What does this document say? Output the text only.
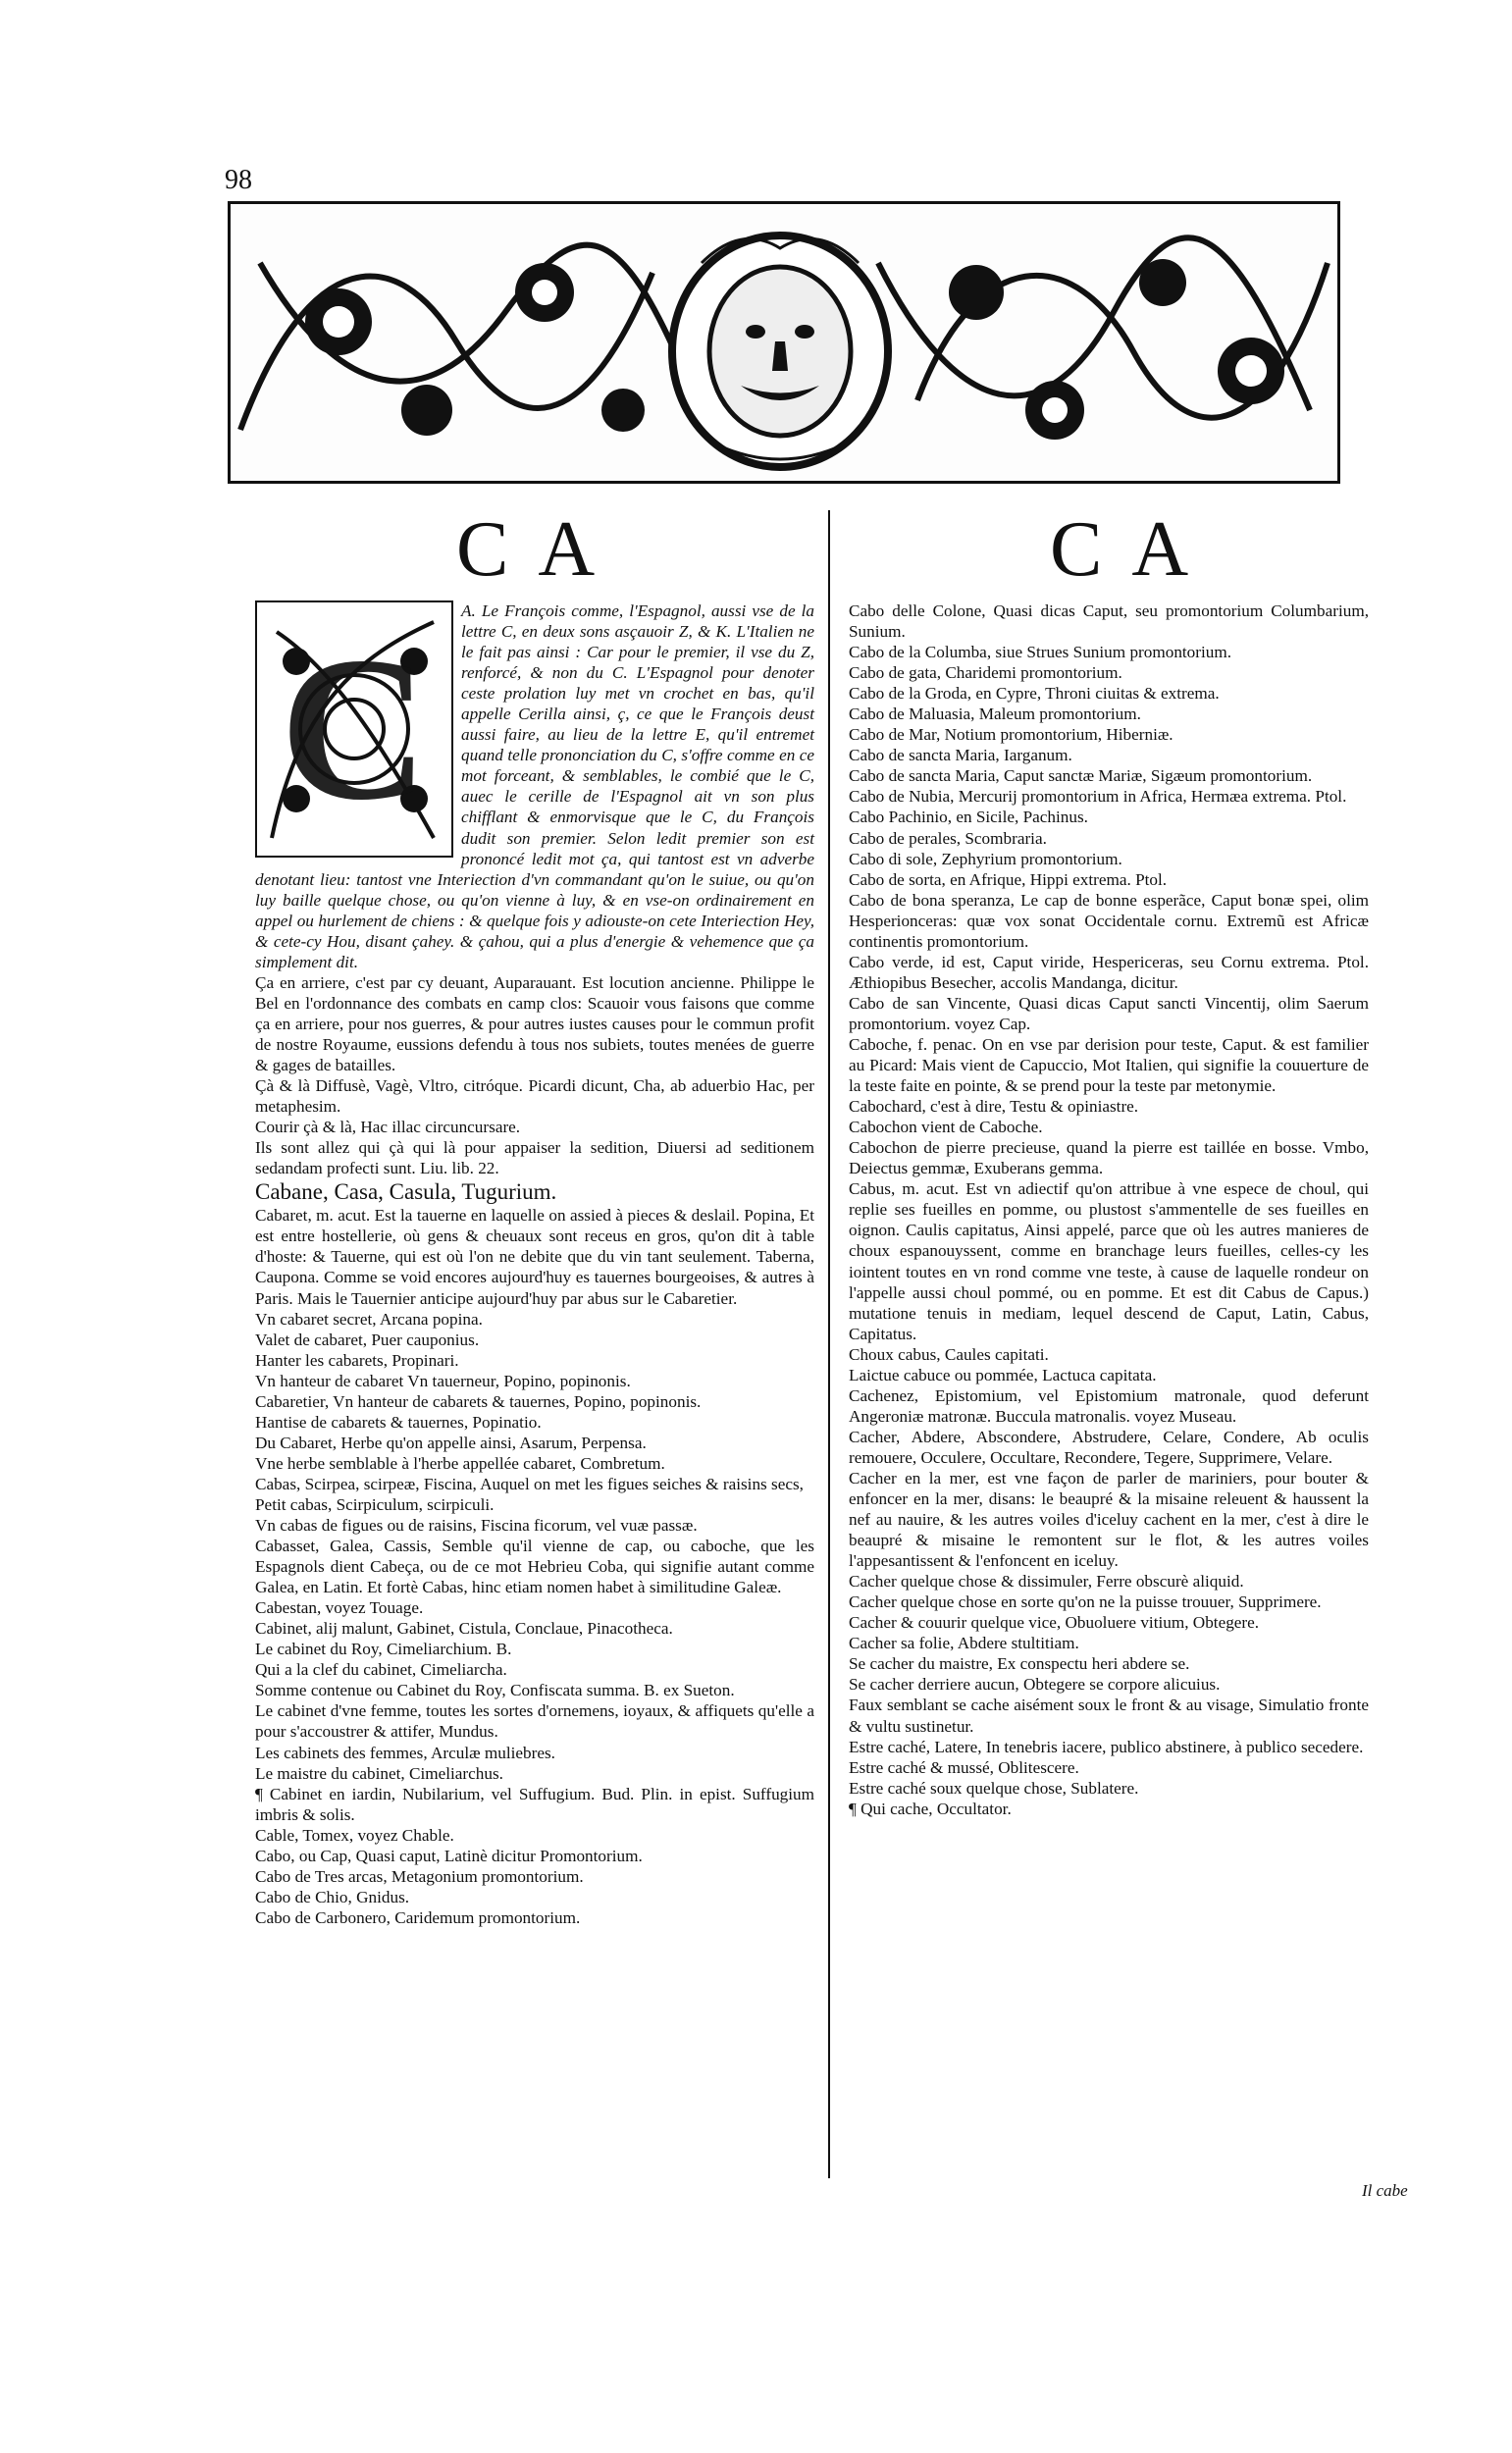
98
CA	CA
C

A. Le François comme, l'Espagnol, aussi vse de la lettre C, en deux sons asçauoir Z, & K. L'Italien ne le fait pas ainsi : Car pour le premier, il vse du Z, renforcé, & non du C. L'Espagnol pour denoter ceste prolation luy met vn crochet en bas, qu'il appelle Cerilla ainsi, ç, ce que le François deust aussi faire, au lieu de la lettre E, qu'il entremet quand telle prononciation du C, s'offre comme en ce mot forceant, & semblables, le combié que le C, auec le cerille de l'Espagnol ait vn son plus chifflant & enmorvisque que le C, du François dudit son premier. Selon ledit premier son est prononcé ledit mot ça, qui tantost est vn adverbe denotant lieu: tantost vne Interiection d'vn commandant qu'on le suiue, ou qu'on luy baille quelque chose, ou qu'on vienne à luy, & en vse-on ordinairement en appel ou hurlement de chiens : & quelque fois y adiouste-on cete Interiection Hey, & cete-cy Hou, disant çahey. & çahou, qui a plus d'energie & vehemence que ça simplement dit.

Ça en arriere, c'est par cy deuant, Auparauant. Est locution ancienne. Philippe le Bel en l'ordonnance des combats en camp clos: Scauoir vous faisons que comme ça en arriere, pour nos guerres, & pour autres iustes causes pour le commun profit de nostre Royaume, eussions defendu à tous nos subiets, toutes menées de guerre & gages de batailles.

Çà & là Diffusè, Vagè, Vltro, citróque. Picardi dicunt, Cha, ab aduerbio Hac, per metaphesim.

Courir çà & là, Hac illac circuncursare.

Ils sont allez qui çà qui là pour appaiser la sedition, Diuersi ad seditionem sedandam profecti sunt. Liu. lib. 22.

Cabane, Casa, Casula, Tugurium.

Cabaret, m. acut. Est la tauerne en laquelle on assied à pieces & deslail. Popina, Et est entre hostellerie, où gens & cheuaux sont receus en gros, qu'on dit à table d'hoste: & Tauerne, qui est où l'on ne debite que du vin tant seulement. Taberna, Caupona. Comme se void encores aujourd'huy es tauernes bourgeoises, & autres à Paris. Mais le Tauernier anticipe aujourd'huy par abus sur le Cabaretier.

Vn cabaret secret, Arcana popina.

Valet de cabaret, Puer cauponius.

Hanter les cabarets, Propinari.

Vn hanteur de cabaret Vn tauerneur, Popino, popinonis.

Cabaretier, Vn hanteur de cabarets & tauernes, Popino, popinonis.

Hantise de cabarets & tauernes, Popinatio.

Du Cabaret, Herbe qu'on appelle ainsi, Asarum, Perpensa.

Vne herbe semblable à l'herbe appellée cabaret, Combretum.

Cabas, Scirpea, scirpeæ, Fiscina, Auquel on met les figues seiches & raisins secs,

Petit cabas, Scirpiculum, scirpiculi.

Vn cabas de figues ou de raisins, Fiscina ficorum, vel vuæ passæ.

Cabasset, Galea, Cassis, Semble qu'il vienne de cap, ou caboche, que les Espagnols dient Cabeça, ou de ce mot Hebrieu Coba, qui signifie autant comme Galea, en Latin. Et fortè Cabas, hinc etiam nomen habet à similitudine Galeæ.

Cabestan, voyez Touage.

Cabinet, alij malunt, Gabinet, Cistula, Conclaue, Pinacotheca.

Le cabinet du Roy, Cimeliarchium. B.

Qui a la clef du cabinet, Cimeliarcha.

Somme contenue ou Cabinet du Roy, Confiscata summa. B. ex Sueton.

Le cabinet d'vne femme, toutes les sortes d'ornemens, ioyaux, & affiquets qu'elle a pour s'accoustrer & attifer, Mundus.

Les cabinets des femmes, Arculæ muliebres.

Le maistre du cabinet, Cimeliarchus.

¶ Cabinet en iardin, Nubilarium, vel Suffugium. Bud. Plin. in epist. Suffugium imbris & solis.

Cable, Tomex, voyez Chable.

Cabo, ou Cap, Quasi caput, Latinè dicitur Promontorium.

Cabo de Tres arcas, Metagonium promontorium.

Cabo de Chio, Gnidus.

Cabo de Carbonero, Caridemum promontorium.

Cabo delle Colone, Quasi dicas Caput, seu promontorium Columbarium, Sunium.

Cabo de la Columba, siue Strues Sunium promontorium.

Cabo de gata, Charidemi promontorium.

Cabo de la Groda, en Cypre, Throni ciuitas & extrema.

Cabo de Maluasia, Maleum promontorium.

Cabo de Mar, Notium promontorium, Hiberniæ.

Cabo de sancta Maria, Iarganum.

Cabo de sancta Maria, Caput sanctæ Mariæ, Sigæum promontorium.

Cabo de Nubia, Mercurij promontorium in Africa, Hermæa extrema. Ptol.

Cabo Pachinio, en Sicile, Pachinus.

Cabo de perales, Scombraria.

Cabo di sole, Zephyrium promontorium.

Cabo de sorta, en Afrique, Hippi extrema. Ptol.

Cabo de bona speranza, Le cap de bonne esperãce, Caput bonæ spei, olim Hesperionceras: quæ vox sonat Occidentale cornu. Extremũ est Africæ continentis promontorium.

Cabo verde, id est, Caput viride, Hespericeras, seu Cornu extrema. Ptol. Æthiopibus Besecher, accolis Mandanga, dicitur.

Cabo de san Vincente, Quasi dicas Caput sancti Vincentij, olim Saerum promontorium. voyez Cap.

Caboche, f. penac. On en vse par derision pour teste, Caput. & est familier au Picard: Mais vient de Capuccio, Mot Italien, qui signifie la couuerture de la teste faite en pointe, & se prend pour la teste par metonymie.

Cabochard, c'est à dire, Testu & opiniastre.

Cabochon vient de Caboche.

Cabochon de pierre precieuse, quand la pierre est taillée en bosse. Vmbo, Deiectus gemmæ, Exuberans gemma.

Cabus, m. acut. Est vn adiectif qu'on attribue à vne espece de choul, qui replie ses fueilles en pomme, ou plustost s'ammentelle de ses fueilles en oignon. Caulis capitatus, Ainsi appelé, parce que où les autres manieres de choux espanouyssent, comme en branchage leurs fueilles, celles-cy les iointent toutes en vn rond comme vne teste, à cause de laquelle rondeur on l'appelle aussi choul pommé, ou en pomme. Et est dit Cabus de Capus.) mutatione tenuis in mediam, lequel descend de Caput, Latin, Cabus, Capitatus.

Choux cabus, Caules capitati.

Laictue cabuce ou pommée, Lactuca capitata.

Cachenez, Epistomium, vel Epistomium matronale, quod deferunt Angeroniæ matronæ. Buccula matronalis. voyez Museau.

Cacher, Abdere, Abscondere, Abstrudere, Celare, Condere, Ab oculis remouere, Occulere, Occultare, Recondere, Tegere, Supprimere, Velare.

Cacher en la mer, est vne façon de parler de mariniers, pour bouter & enfoncer en la mer, disans: le beaupré & la misaine releuent & haussent la nef au nauire, & les autres voiles d'iceluy cachent en la mer, c'est à dire le beaupré & misaine le remontent sur le flot, & les autres voiles l'appesantissent & l'enfoncent en iceluy.

Cacher quelque chose & dissimuler, Ferre obscurè aliquid.

Cacher quelque chose en sorte qu'on ne la puisse trouuer, Supprimere.

Cacher & couurir quelque vice, Obuoluere vitium, Obtegere.

Cacher sa folie, Abdere stultitiam.

Se cacher du maistre, Ex conspectu heri abdere se.

Se cacher derriere aucun, Obtegere se corpore alicuius.

Faux semblant se cache aisément soux le front & au visage, Simulatio fronte & vultu sustinetur.

Estre caché, Latere, In tenebris iacere, publico abstinere, à publico secedere.

Estre caché & mussé, Oblitescere.

Estre caché soux quelque chose, Sublatere.

¶ Qui cache, Occultator.

Il cabe
